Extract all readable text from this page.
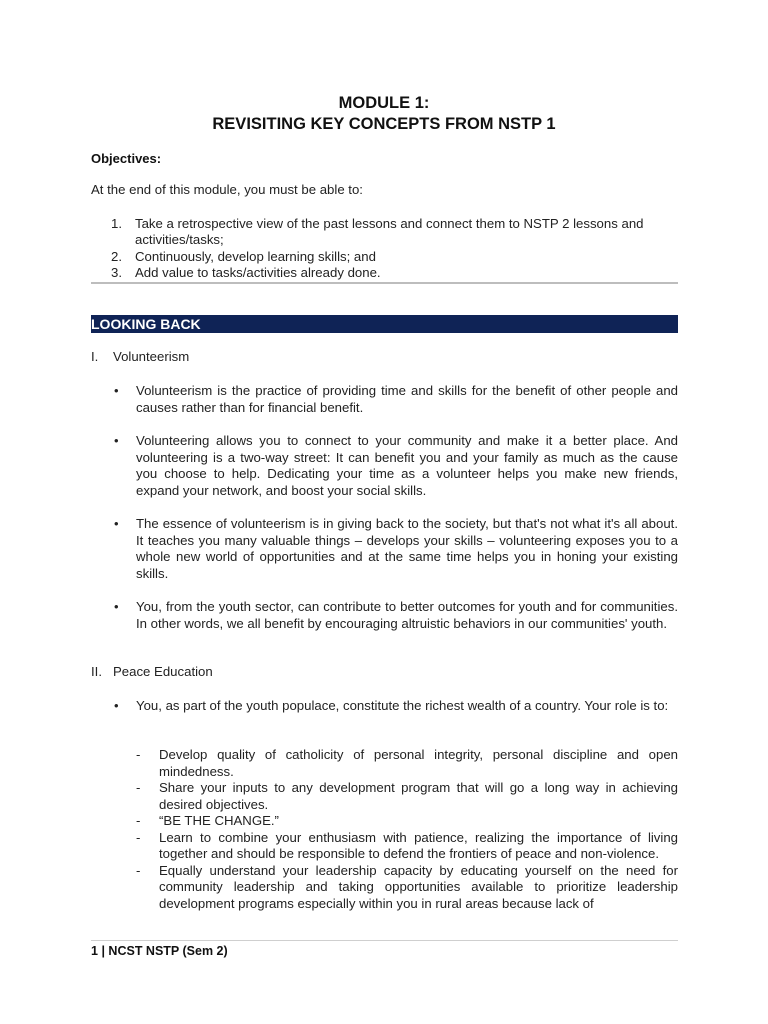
MODULE 1:
REVISITING KEY CONCEPTS FROM NSTP 1
Objectives:
At the end of this module, you must be able to:
1. Take a retrospective view of the past lessons and connect them to NSTP 2 lessons and activities/tasks;
2. Continuously, develop learning skills; and
3. Add value to tasks/activities already done.
LOOKING BACK
I. Volunteerism
• Volunteerism is the practice of providing time and skills for the benefit of other people and causes rather than for financial benefit.
• Volunteering allows you to connect to your community and make it a better place. And volunteering is a two-way street: It can benefit you and your family as much as the cause you choose to help. Dedicating your time as a volunteer helps you make new friends, expand your network, and boost your social skills.
• The essence of volunteerism is in giving back to the society, but that's not what it's all about. It teaches you many valuable things – develops your skills – volunteering exposes you to a whole new world of opportunities and at the same time helps you in honing your existing skills.
• You, from the youth sector, can contribute to better outcomes for youth and for communities. In other words, we all benefit by encouraging altruistic behaviors in our communities' youth.
II. Peace Education
• You, as part of the youth populace, constitute the richest wealth of a country. Your role is to:
- Develop quality of catholicity of personal integrity, personal discipline and open mindedness.
- Share your inputs to any development program that will go a long way in achieving desired objectives.
- “BE THE CHANGE.”
- Learn to combine your enthusiasm with patience, realizing the importance of living together and should be responsible to defend the frontiers of peace and non-violence.
- Equally understand your leadership capacity by educating yourself on the need for community leadership and taking opportunities available to prioritize leadership development programs especially within you in rural areas because lack of
1 | NCST NSTP (Sem 2)
